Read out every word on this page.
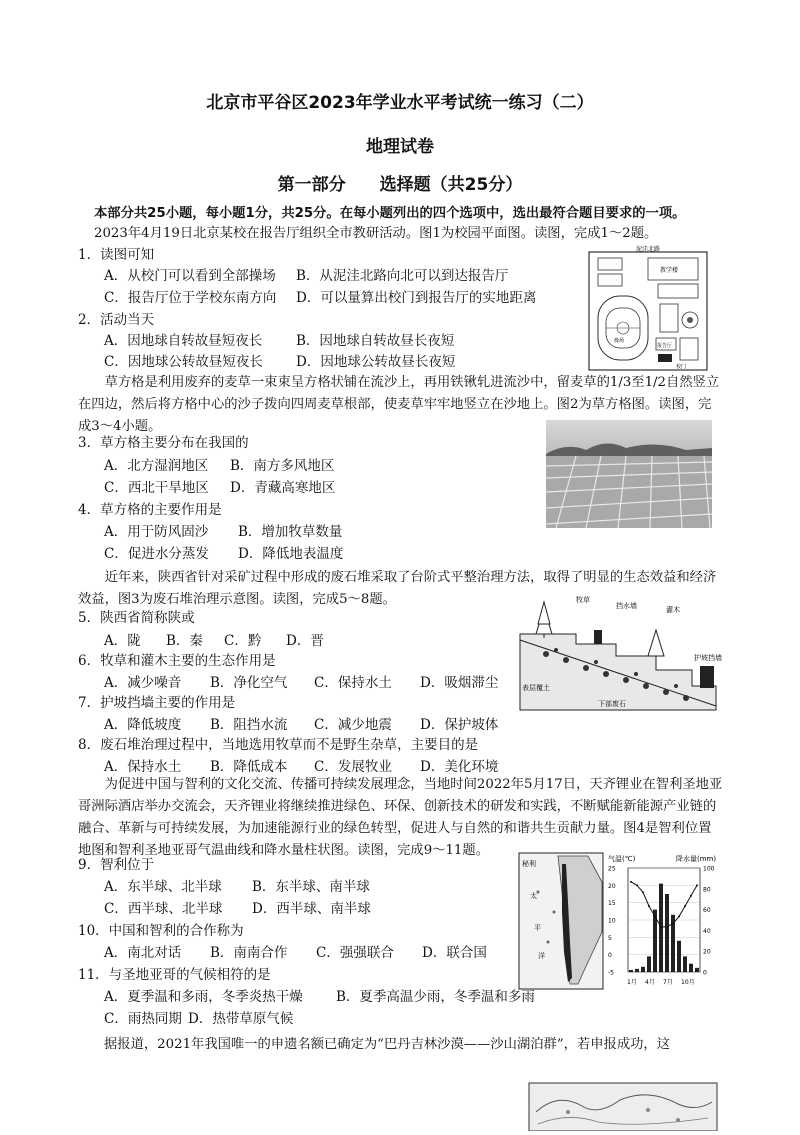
北京市平谷区2023年学业水平考试统一练习（二）
地理试卷
第一部分　　选择题（共25分）
本部分共25小题，每小题1分，共25分。在每小题列出的四个选项中，选出最符合题目要求的一项。
2023年4月19日北京某校在报告厅组织全市教研活动。图1为校园平面图。读图，完成1～2题。
1．读图可知
A．从校门可以看到全部操场 B．从泥洼北路向北可以到达报告厅
C．报告厅位于学校东南方向 D．可以量算出校门到报告厅的实地距离
2．活动当天
A．因地球自转故昼短夜长	B．因地球自转故昼长夜短
C．因地球公转故昼短夜长 D．因地球公转故昼长夜短
泥洼北路
教学楼
报告厅
操场
校门
草方格是利用废弃的麦草一束束呈方格状铺在流沙上，再用铁锹轧进流沙中，留麦草的1/3至1/2自然竖立在四边，然后将方格中心的沙子拨向四周麦草根部，使麦草牢牢地竖立在沙地上。图2为草方格图。读图，完成3～4小题。
3．草方格主要分布在我国的
A．北方湿润地区 B．南方多风地区
C．西北干旱地区 D．青藏高寒地区
4．草方格的主要作用是
A．用于防风固沙 B．增加牧草数量
C．促进水分蒸发 D．降低地表温度
近年来，陕西省针对采矿过程中形成的废石堆采取了台阶式平整治理方法，取得了明显的生态效益和经济效益，图3为废石堆治理示意图。读图，完成5～8题。
5．陕西省简称陕或
A．陇 B．秦 C．黔 D．晋
6．牧草和灌木主要的生态作用是
A．减少噪音 B．净化空气 C．保持水土 D．吸烟滞尘
7．护坡挡墙主要的作用是
A．降低坡度 B．阻挡水流 C．减少地震 D．保护坡体
8．废石堆治理过程中，当地选用牧草而不是野生杂草，主要目的是
A．保持水土 B．降低成本 C．发展牧业 D．美化环境
牧草
挡水墙	灌木
护坡挡墙
表层覆土
下部废石
为促进中国与智利的文化交流、传播可持续发展理念，当地时间2022年5月17日，天齐锂业在智利圣地亚哥洲际酒店举办交流会，天齐锂业将继续推进绿色、环保、创新技术的研发和实践，不断赋能新能源产业链的融合、革新与可持续发展，为加速能源行业的绿色转型，促进人与自然的和谐共生贡献力量。图4是智利位置地图和智利圣地亚哥气温曲线和降水量柱状图。读图，完成9～11题。
9．智利位于
A．东半球、北半球 B．东半球、南半球
C．西半球、北半球 D．西半球、南半球
10．中国和智利的合作称为
A．南北对话 B．南南合作 C．强强联合 D．联合国
11．与圣地亚哥的气候相符的是
A．夏季温和多雨，冬季炎热干燥 B．夏季高温少雨，冬季温和多雨
C．雨热同期 D．热带草原气候
据报道，2021年我国唯一的申遗名额已确定为“巴丹吉林沙漠——沙山湖泊群”，若申报成功，这
秘利
太
平
洋
气温(℃)	降水量(mm)
25
20
15
10
5
0
-5
100
80
60
40
20
0
1月 4月 7月 10月
